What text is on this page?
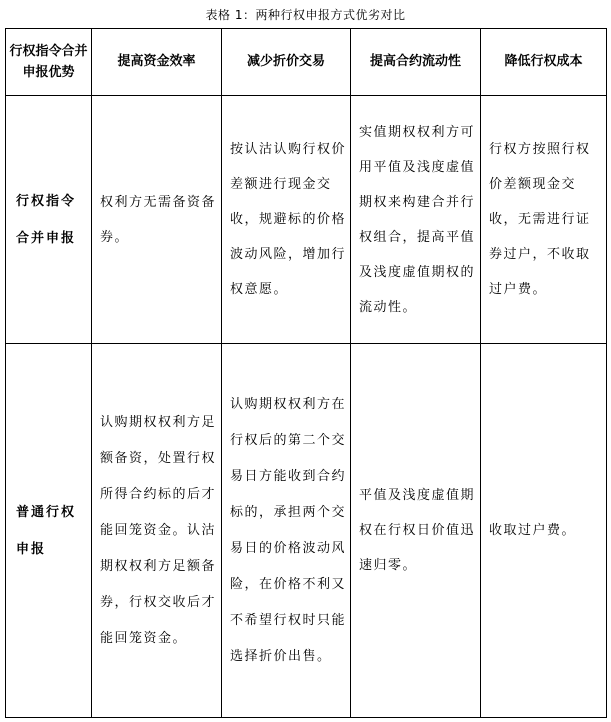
表格 1：两种行权申报方式优劣对比
行权指令合并申报优势	提高资金效率	减少折价交易	提高合约流动性	降低行权成本
行权指令合并申报	权利方无需备资备券。	按认沽认购行权价差额进行现金交收，规避标的价格波动风险，增加行权意愿。	实值期权权利方可用平值及浅度虚值期权来构建合并行权组合，提高平值及浅度虚值期权的流动性。	行权方按照行权价差额现金交收，无需进行证券过户，不收取过户费。
普通行权申报	认购期权权利方足额备资，处置行权所得合约标的后才能回笼资金。认沽期权权利方足额备券，行权交收后才能回笼资金。	认购期权权利方在行权后的第二个交易日方能收到合约标的，承担两个交易日的价格波动风险，在价格不利又不希望行权时只能选择折价出售。	平值及浅度虚值期权在行权日价值迅速归零。	收取过户费。
